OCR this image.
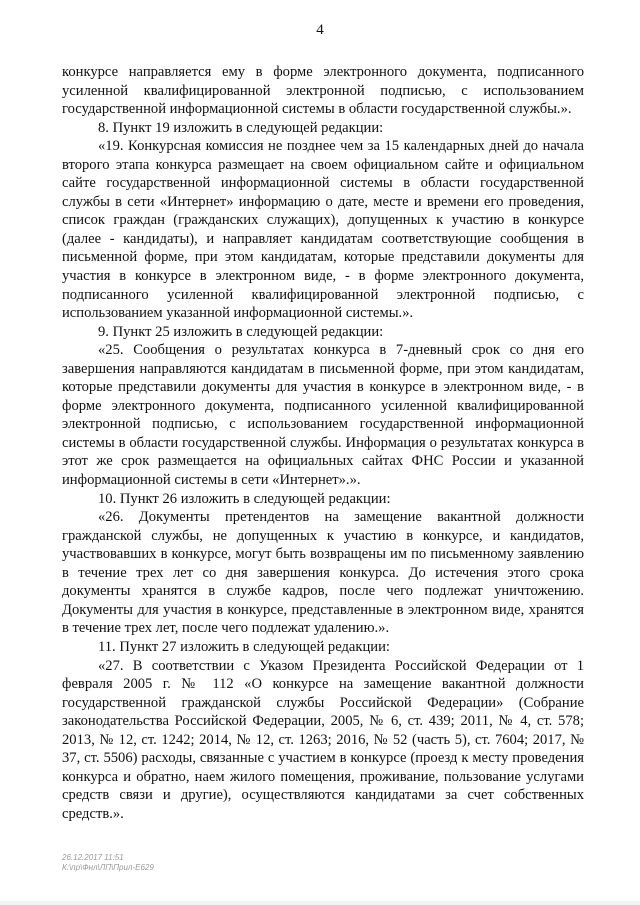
4

конкурсе направляется ему в форме электронного документа, подписанного усиленной квалифицированной электронной подписью, с использованием государственной информационной системы в области государственной службы.».

8. Пункт 19 изложить в следующей редакции:

«19. Конкурсная комиссия не позднее чем за 15 календарных дней до начала второго этапа конкурса размещает на своем официальном сайте и официальном сайте государственной информационной системы в области государственной службы в сети «Интернет» информацию о дате, месте и времени его проведения, список граждан (гражданских служащих), допущенных к участию в конкурсе (далее - кандидаты), и направляет кандидатам соответствующие сообщения в письменной форме, при этом кандидатам, которые представили документы для участия в конкурсе в электронном виде, - в форме электронного документа, подписанного усиленной квалифицированной электронной подписью, с использованием указанной информационной системы.».

9. Пункт 25 изложить в следующей редакции:

«25. Сообщения о результатах конкурса в 7-дневный срок со дня его завершения направляются кандидатам в письменной форме, при этом кандидатам, которые представили документы для участия в конкурсе в электронном виде, - в форме электронного документа, подписанного усиленной квалифицированной электронной подписью, с использованием государственной информационной системы в области государственной службы. Информация о результатах конкурса в этот же срок размещается на официальных сайтах ФНС России и указанной информационной системы в сети «Интернет».».

10. Пункт 26 изложить в следующей редакции:

«26. Документы претендентов на замещение вакантной должности гражданской службы, не допущенных к участию в конкурсе, и кандидатов, участвовавших в конкурсе, могут быть возвращены им по письменному заявлению в течение трех лет со дня завершения конкурса. До истечения этого срока документы хранятся в службе кадров, после чего подлежат уничтожению. Документы для участия в конкурсе, представленные в электронном виде, хранятся в течение трех лет, после чего подлежат удалению.».

11. Пункт 27 изложить в следующей редакции:

«27. В соответствии с Указом Президента Российской Федерации от 1 февраля 2005 г. № 112 «О конкурсе на замещение вакантной должности государственной гражданской службы Российской Федерации» (Собрание законодательства Российской Федерации, 2005, № 6, ст. 439; 2011, № 4, ст. 578; 2013, № 12, ст. 1242; 2014, № 12, ст. 1263; 2016, № 52 (часть 5), ст. 7604; 2017, № 37, ст. 5506) расходы, связанные с участием в конкурсе (проезд к месту проведения конкурса и обратно, наем жилого помещения, проживание, пользование услугами средств связи и другие), осуществляются кандидатами за счет собственных средств.».

26.12.2017 11:51
К:\пр\Фнл\ЛП\Прил-Е629
